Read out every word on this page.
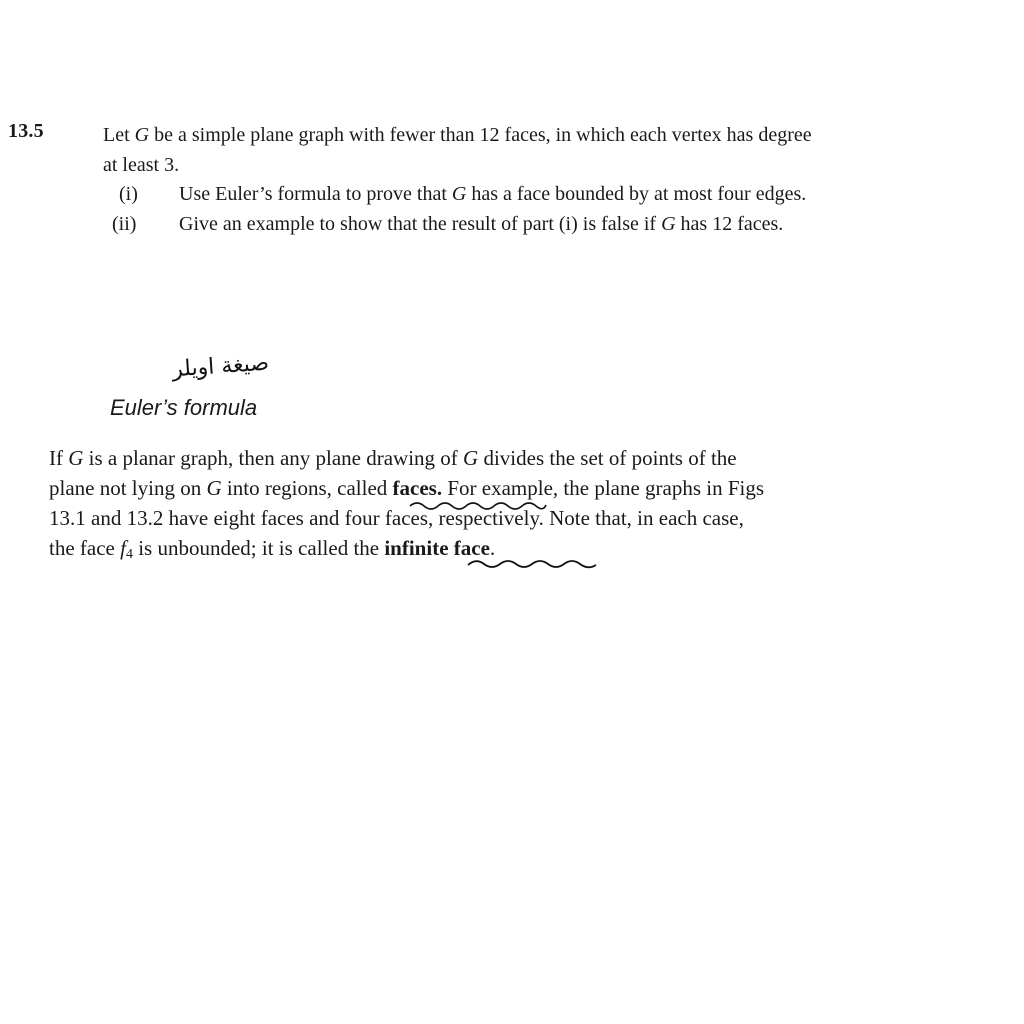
13.5	Let G be a simple plane graph with fewer than 12 faces, in which each vertex has degree
at least 3.
(i) Use Euler’s formula to prove that G has a face bounded by at most four edges.
(ii) Give an example to show that the result of part (i) is false if G has 12 faces.
صيغة اويلر
Euler’s formula
If G is a planar graph, then any plane drawing of G divides the set of points of the
plane not lying on G into regions, called faces. For example, the plane graphs in Figs
13.1 and 13.2 have eight faces and four faces, respectively. Note that, in each case,
the face $f_4$ is unbounded; it is called the infinite face.
